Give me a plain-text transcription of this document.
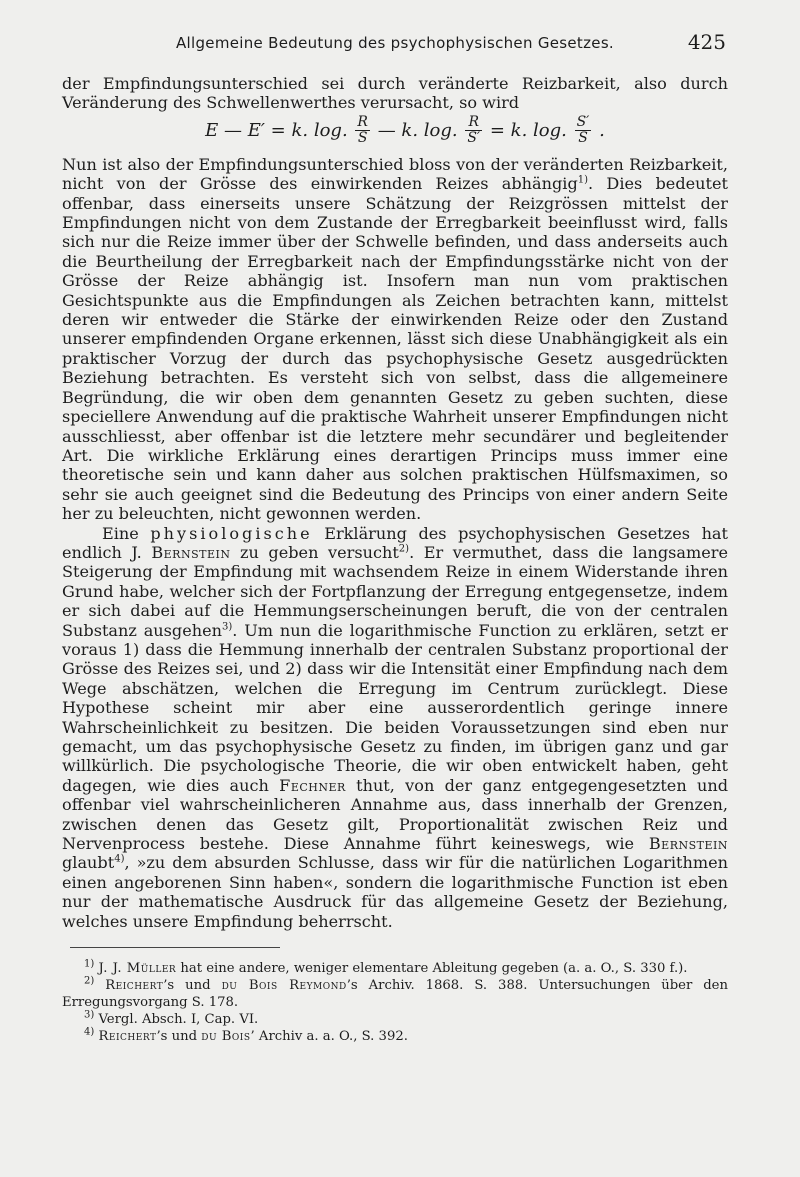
Allgemeine Bedeutung des psychophysischen Gesetzes.	425

der Empfindungsunterschied sei durch veränderte Reizbarkeit, also durch Veränderung des Schwellenwerthes verursacht, so wird

E — E′ = k. log. $\frac{R}{S}$ — k. log. $\frac{R}{S'} = k$. log. $\frac{S'}{S}$ .

Nun ist also der Empfindungsunterschied bloss von der veränderten Reizbarkeit, nicht von der Grösse des einwirkenden Reizes abhängig$^{1)}$. Dies bedeutet offenbar, dass einerseits unsere Schätzung der Reizgrössen mittelst der Empfindungen nicht von dem Zustande der Erregbarkeit beeinflusst wird, falls sich nur die Reize immer über der Schwelle befinden, und dass anderseits auch die Beurtheilung der Erregbarkeit nach der Empfindungsstärke nicht von der Grösse der Reize abhängig ist. Insofern man nun vom praktischen Gesichtspunkte aus die Empfindungen als Zeichen betrachten kann, mittelst deren wir entweder die Stärke der einwirkenden Reize oder den Zustand unserer empfindenden Organe erkennen, lässt sich diese Unabhängigkeit als ein praktischer Vorzug der durch das psychophysische Gesetz ausgedrückten Beziehung betrachten. Es versteht sich von selbst, dass die allgemeinere Begründung, die wir oben dem genannten Gesetz zu geben suchten, diese speciellere Anwendung auf die praktische Wahrheit unserer Empfindungen nicht ausschliesst, aber offenbar ist die letztere mehr secundärer und begleitender Art. Die wirkliche Erklärung eines derartigen Princips muss immer eine theoretische sein und kann daher aus solchen praktischen Hülfsmaximen, so sehr sie auch geeignet sind die Bedeutung des Princips von einer andern Seite her zu beleuchten, nicht gewonnen werden.

Eine physiologische Erklärung des psychophysischen Gesetzes hat endlich J. Bernstein zu geben versucht$^{2)}$. Er vermuthet, dass die langsamere Steigerung der Empfindung mit wachsendem Reize in einem Widerstande ihren Grund habe, welcher sich der Fortpflanzung der Erregung entgegensetze, indem er sich dabei auf die Hemmungserscheinungen beruft, die von der centralen Substanz ausgehen$^{3)}$. Um nun die logarithmische Function zu erklären, setzt er voraus 1) dass die Hemmung innerhalb der centralen Substanz proportional der Grösse des Reizes sei, und 2) dass wir die Intensität einer Empfindung nach dem Wege abschätzen, welchen die Erregung im Centrum zurücklegt. Diese Hypothese scheint mir aber eine ausserordentlich geringe innere Wahrscheinlichkeit zu besitzen. Die beiden Voraussetzungen sind eben nur gemacht, um das psychophysische Gesetz zu finden, im übrigen ganz und gar willkürlich. Die psychologische Theorie, die wir oben entwickelt haben, geht dagegen, wie dies auch Fechner thut, von der ganz entgegengesetzten und offenbar viel wahrscheinlicheren Annahme aus, dass innerhalb der Grenzen, zwischen denen das Gesetz gilt, Proportionalität zwischen Reiz und Nervenprocess bestehe. Diese Annahme führt keineswegs, wie Bernstein glaubt$^{4)}$, »zu dem absurden Schlusse, dass wir für die natürlichen Logarithmen einen angeborenen Sinn haben«, sondern die logarithmische Function ist eben nur der mathematische Ausdruck für das allgemeine Gesetz der Beziehung, welches unsere Empfindung beherrscht.

$^{1)}$ J. J. Müller hat eine andere, weniger elementare Ableitung gegeben (a. a. O., S. 330 f.).

$^{2)}$ Reichert’s und du Bois Reymond’s Archiv. 1868. S. 388. Untersuchungen über den Erregungsvorgang S. 178.

$^{3)}$ Vergl. Absch. I, Cap. VI.

$^{4)}$ Reichert’s und du Bois’ Archiv a. a. O., S. 392.
